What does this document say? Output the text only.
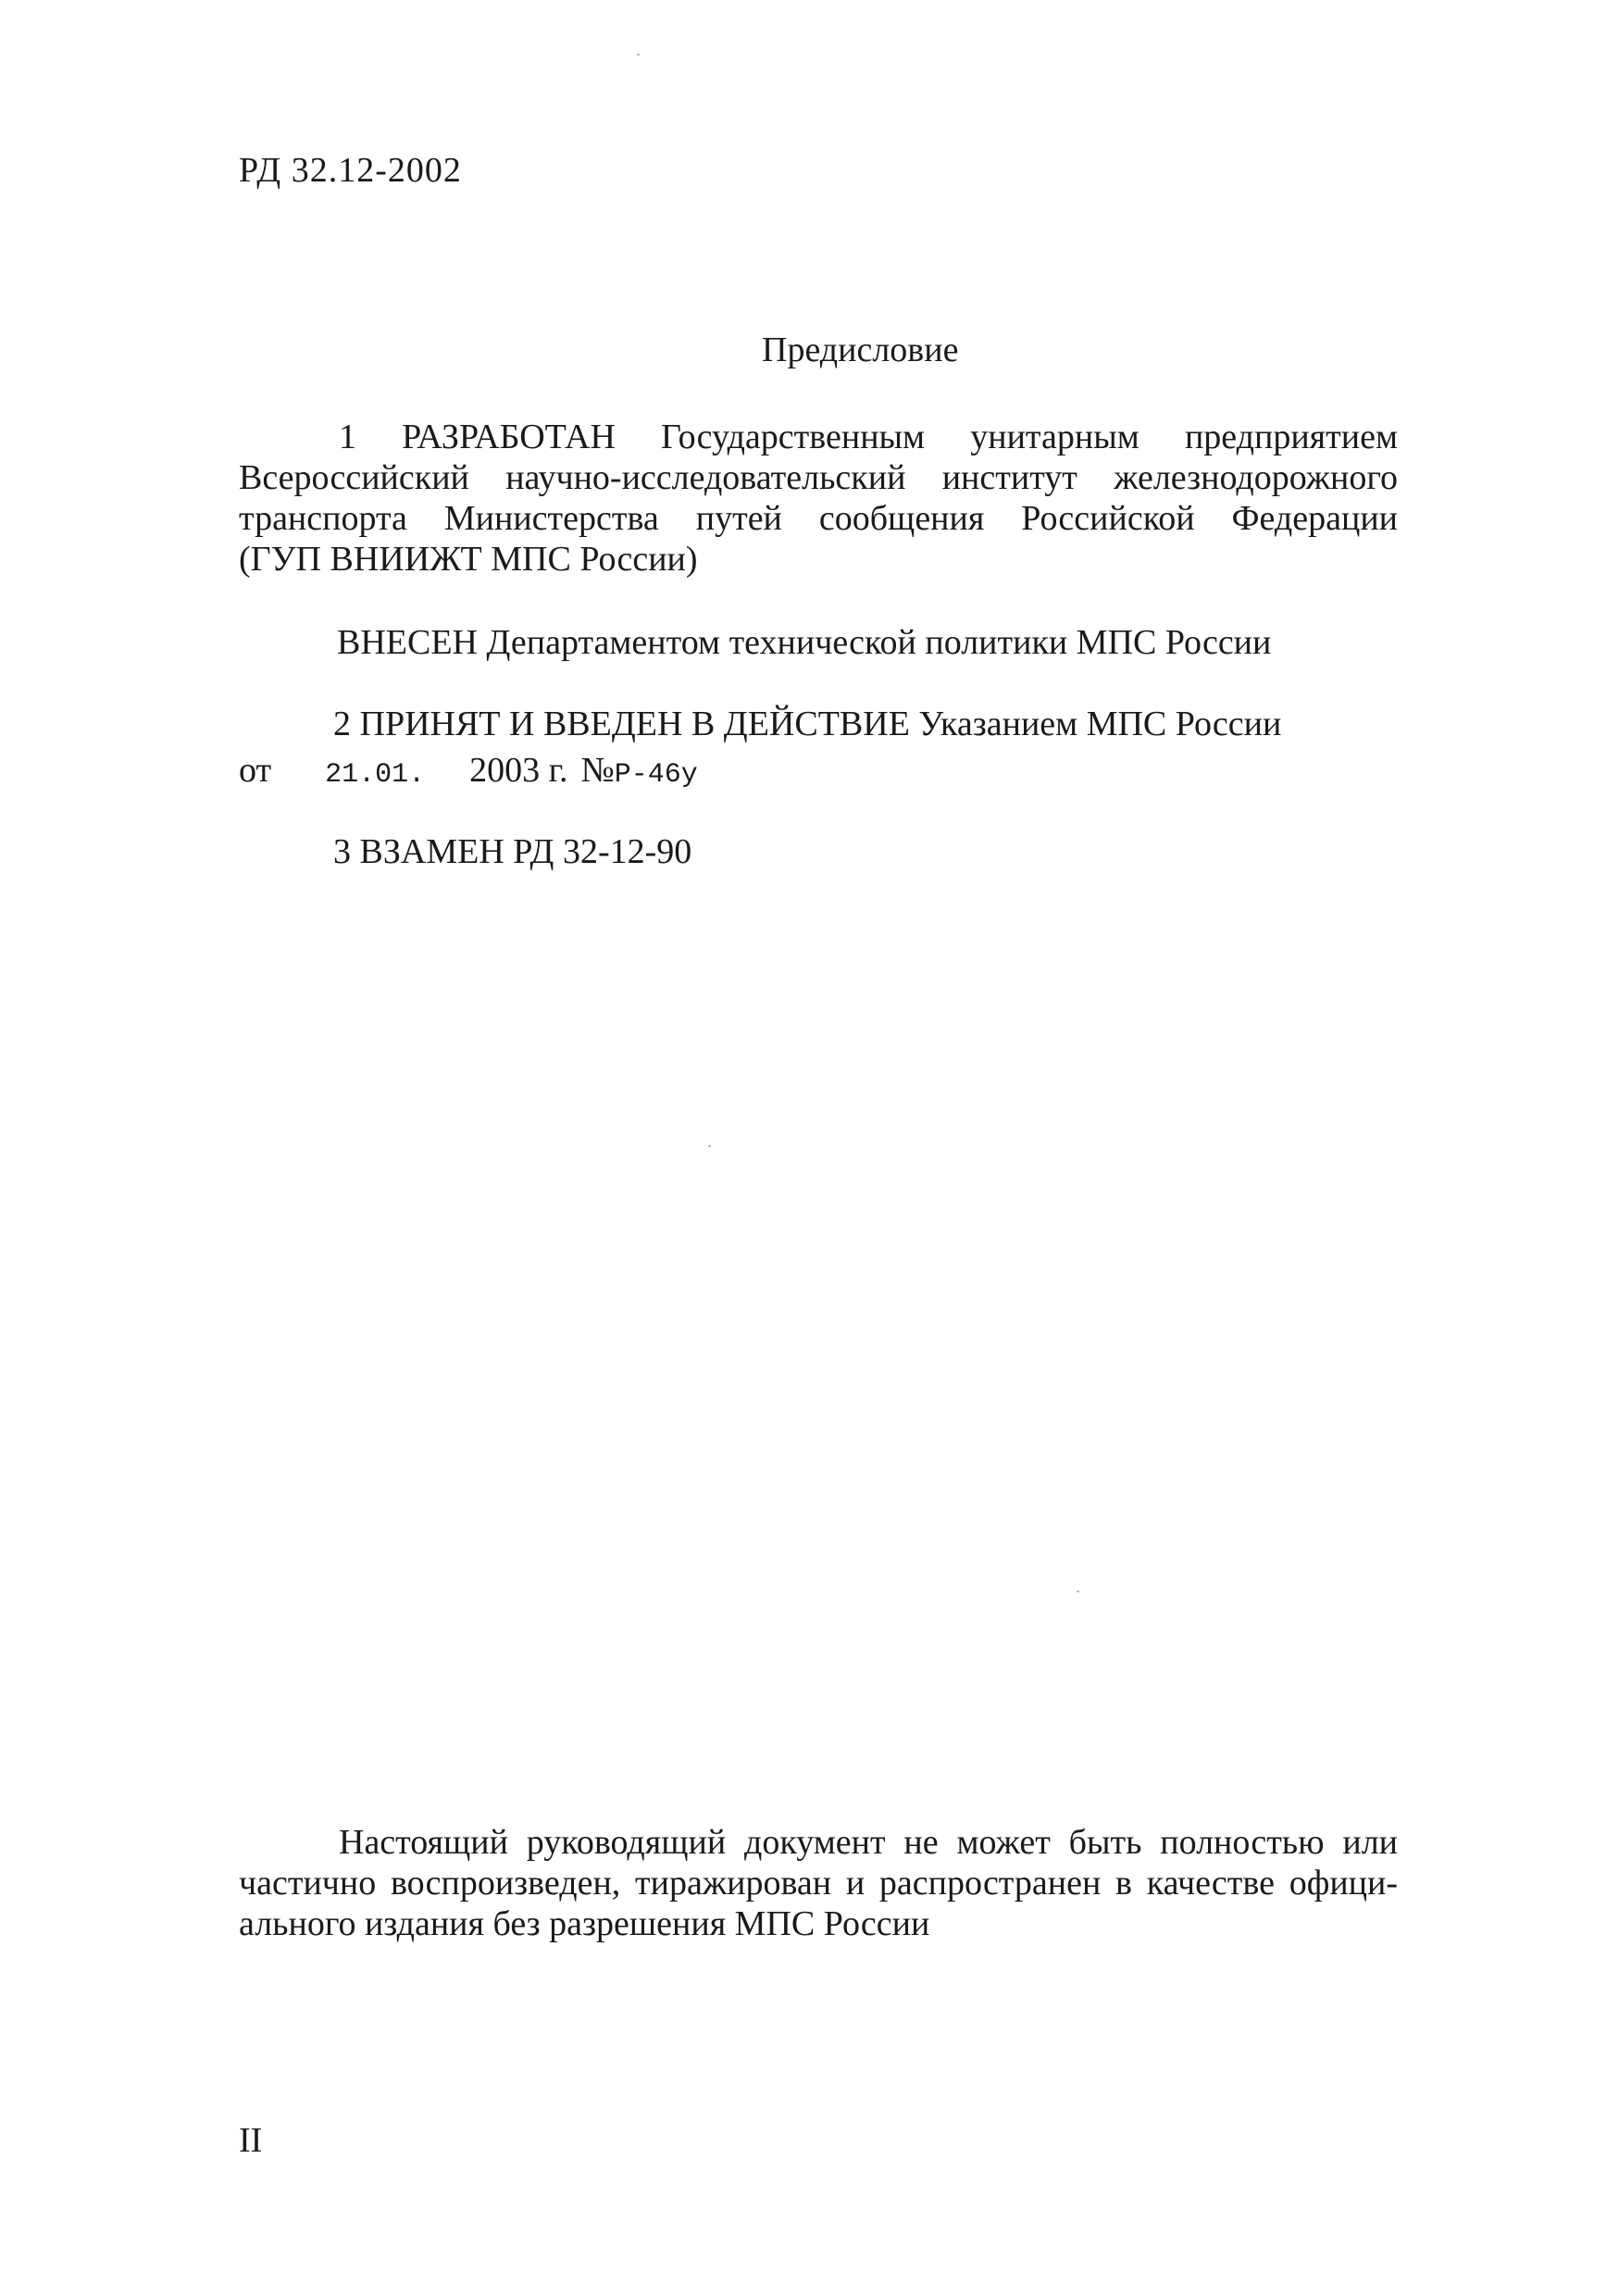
РД 32.12-2002
Предисловие
1 РАЗРАБОТАН Государственным унитарным предприятием
Всероссийский научно-исследовательский институт железнодорожного
транспорта Министерства путей сообщения Российской Федерации
(ГУП ВНИИЖТ МПС России)
ВНЕСЕН Департаментом технической политики МПС России
2 ПРИНЯТ И ВВЕДЕН В ДЕЙСТВИЕ Указанием МПС России
от 21.01. 2003 г. №Р-46у
3 ВЗАМЕН РД 32-12-90
Настоящий руководящий документ не может быть полностью или
частично воспроизведен, тиражирован и распространен в качестве офици-
ального издания без разрешения МПС России
II
